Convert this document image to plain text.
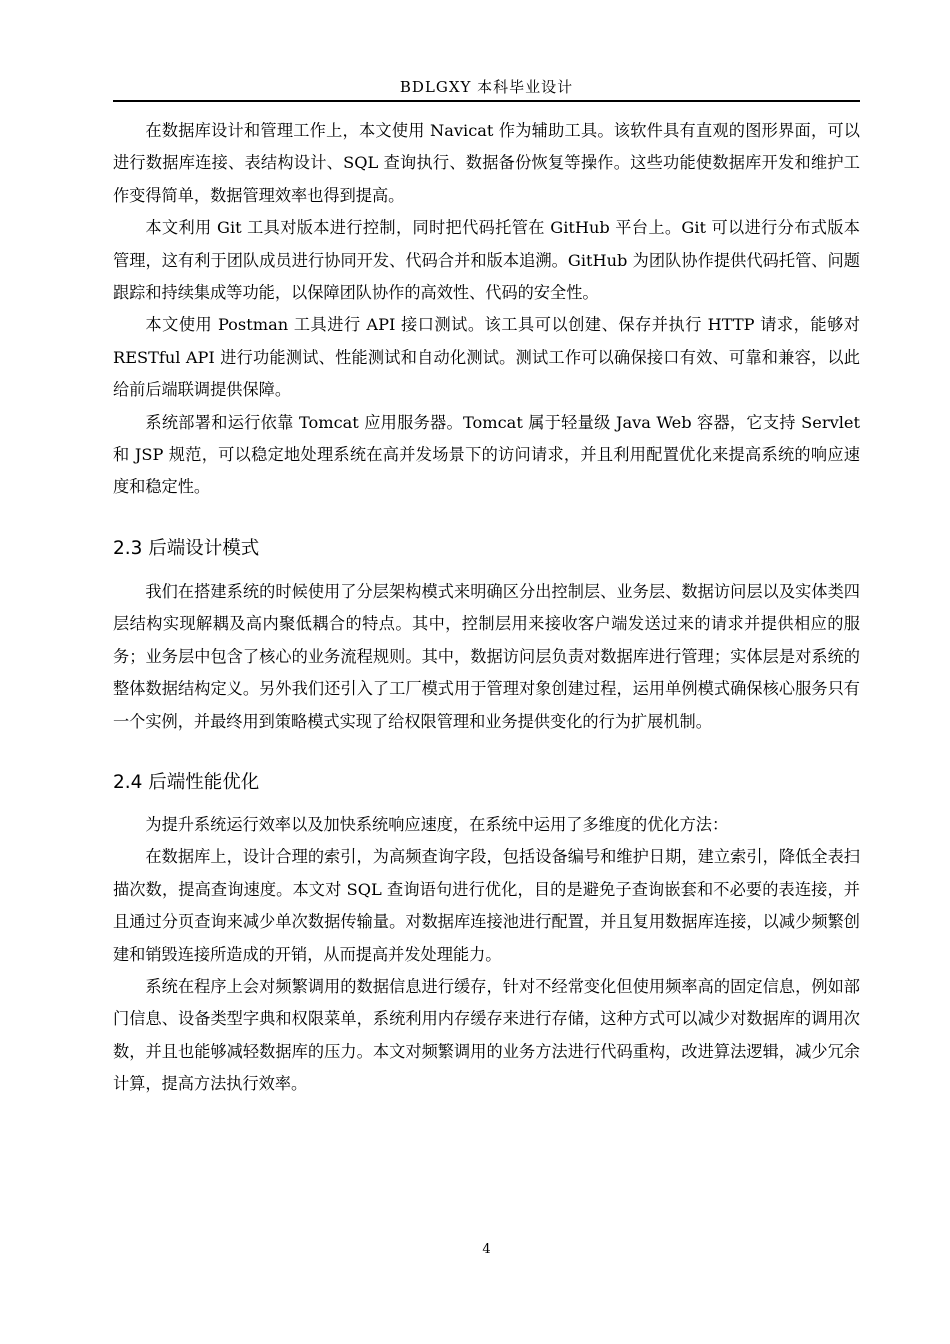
BDLGXY 本科毕业设计

在数据库设计和管理工作上，本文使用 Navicat 作为辅助工具。该软件具有直观的图形界面，可以进行数据库连接、表结构设计、SQL 查询执行、数据备份恢复等操作。这些功能使数据库开发和维护工作变得简单，数据管理效率也得到提高。

本文利用 Git 工具对版本进行控制，同时把代码托管在 GitHub 平台上。Git 可以进行分布式版本管理，这有利于团队成员进行协同开发、代码合并和版本追溯。GitHub 为团队协作提供代码托管、问题跟踪和持续集成等功能，以保障团队协作的高效性、代码的安全性。

本文使用 Postman 工具进行 API 接口测试。该工具可以创建、保存并执行 HTTP 请求，能够对 RESTful API 进行功能测试、性能测试和自动化测试。测试工作可以确保接口有效、可靠和兼容，以此给前后端联调提供保障。

系统部署和运行依靠 Tomcat 应用服务器。Tomcat 属于轻量级 Java Web 容器，它支持 Servlet 和 JSP 规范，可以稳定地处理系统在高并发场景下的访问请求，并且利用配置优化来提高系统的响应速度和稳定性。

2.3 后端设计模式

我们在搭建系统的时候使用了分层架构模式来明确区分出控制层、业务层、数据访问层以及实体类四层结构实现解耦及高内聚低耦合的特点。其中，控制层用来接收客户端发送过来的请求并提供相应的服务；业务层中包含了核心的业务流程规则。其中，数据访问层负责对数据库进行管理；实体层是对系统的整体数据结构定义。另外我们还引入了工厂模式用于管理对象创建过程，运用单例模式确保核心服务只有一个实例，并最终用到策略模式实现了给权限管理和业务提供变化的行为扩展机制。

2.4 后端性能优化

为提升系统运行效率以及加快系统响应速度，在系统中运用了多维度的优化方法：

在数据库上，设计合理的索引，为高频查询字段，包括设备编号和维护日期，建立索引，降低全表扫描次数，提高查询速度。本文对 SQL 查询语句进行优化，目的是避免子查询嵌套和不必要的表连接，并且通过分页查询来减少单次数据传输量。对数据库连接池进行配置，并且复用数据库连接，以减少频繁创建和销毁连接所造成的开销，从而提高并发处理能力。

系统在程序上会对频繁调用的数据信息进行缓存，针对不经常变化但使用频率高的固定信息，例如部门信息、设备类型字典和权限菜单，系统利用内存缓存来进行存储，这种方式可以减少对数据库的调用次数，并且也能够减轻数据库的压力。本文对频繁调用的业务方法进行代码重构，改进算法逻辑，减少冗余计算，提高方法执行效率。

4
